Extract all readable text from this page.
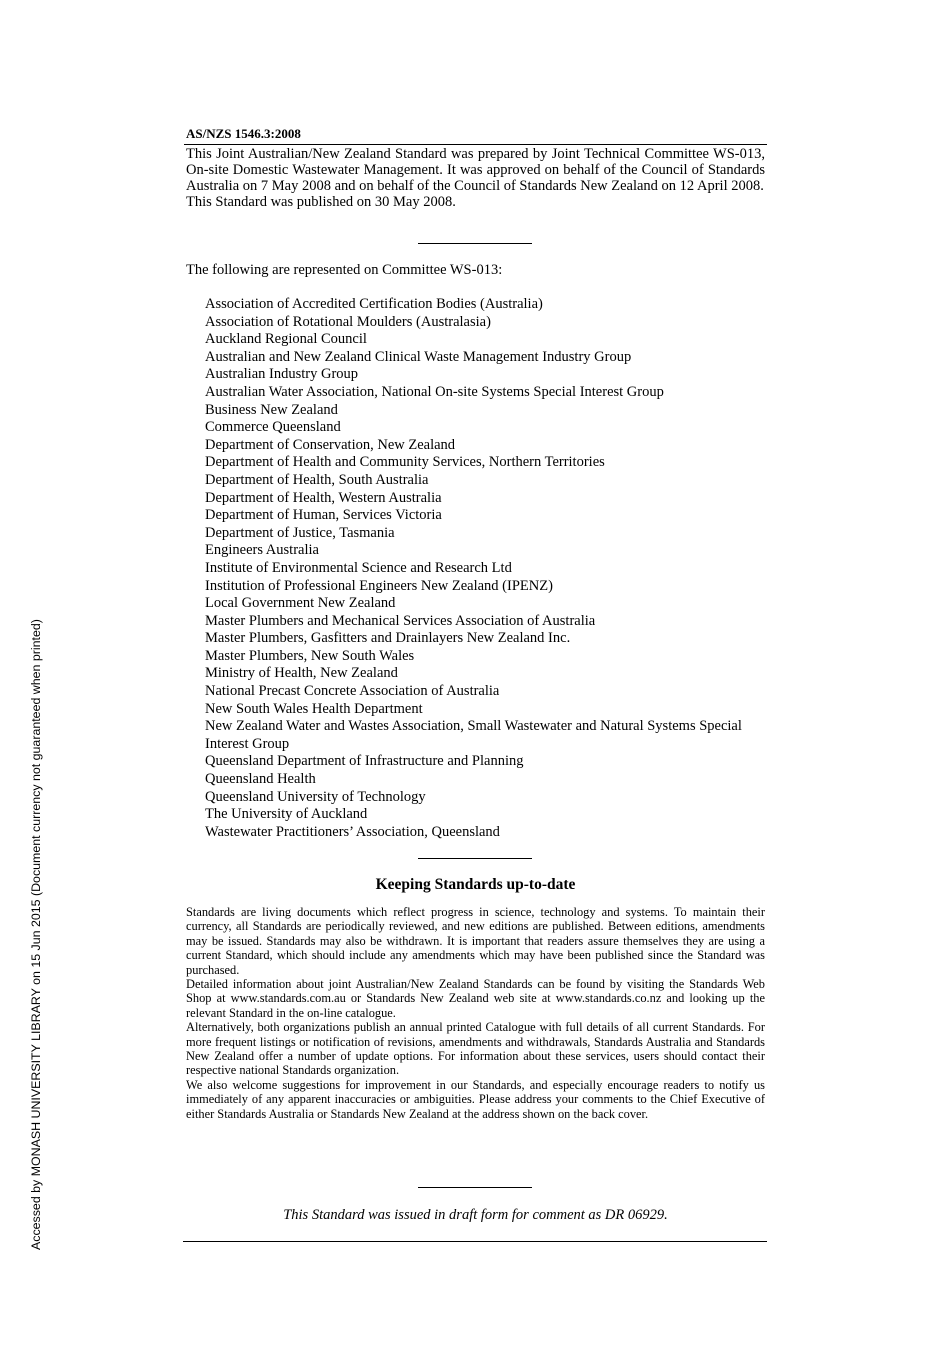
AS/NZS 1546.3:2008

This Joint Australian/New Zealand Standard was prepared by Joint Technical Committee WS-013, On-site Domestic Wastewater Management. It was approved on behalf of the Council of Standards Australia on 7 May 2008 and on behalf of the Council of Standards New Zealand on 12 April 2008.

This Standard was published on 30 May 2008.

The following are represented on Committee WS-013:
Association of Accredited Certification Bodies (Australia)
Association of Rotational Moulders (Australasia)
Auckland Regional Council
Australian and New Zealand Clinical Waste Management Industry Group
Australian Industry Group
Australian Water Association, National On-site Systems Special Interest Group
Business New Zealand
Commerce Queensland
Department of Conservation, New Zealand
Department of Health and Community Services, Northern Territories
Department of Health, South Australia
Department of Health, Western Australia
Department of Human, Services Victoria
Department of Justice, Tasmania
Engineers Australia
Institute of Environmental Science and Research Ltd
Institution of Professional Engineers New Zealand (IPENZ)
Local Government New Zealand
Master Plumbers and Mechanical Services Association of Australia
Master Plumbers, Gasfitters and Drainlayers New Zealand Inc.
Master Plumbers, New South Wales
Ministry of Health, New Zealand
National Precast Concrete Association of Australia
New South Wales Health Department
New Zealand Water and Wastes Association, Small Wastewater and Natural Systems Special Interest Group
Queensland Department of Infrastructure and Planning
Queensland Health
Queensland University of Technology
The University of Auckland
Wastewater Practitioners’ Association, Queensland
Keeping Standards up-to-date

Standards are living documents which reflect progress in science, technology and systems. To maintain their currency, all Standards are periodically reviewed, and new editions are published. Between editions, amendments may be issued. Standards may also be withdrawn. It is important that readers assure themselves they are using a current Standard, which should include any amendments which may have been published since the Standard was purchased.

Detailed information about joint Australian/New Zealand Standards can be found by visiting the Standards Web Shop at www.standards.com.au or Standards New Zealand web site at www.standards.co.nz and looking up the relevant Standard in the on-line catalogue.

Alternatively, both organizations publish an annual printed Catalogue with full details of all current Standards. For more frequent listings or notification of revisions, amendments and withdrawals, Standards Australia and Standards New Zealand offer a number of update options. For information about these services, users should contact their respective national Standards organization.

We also welcome suggestions for improvement in our Standards, and especially encourage readers to notify us immediately of any apparent inaccuracies or ambiguities. Please address your comments to the Chief Executive of either Standards Australia or Standards New Zealand at the address shown on the back cover.

This Standard was issued in draft form for comment as DR 06929.
Accessed by MONASH UNIVERSITY LIBRARY on 15 Jun 2015 (Document currency not guaranteed when printed)
